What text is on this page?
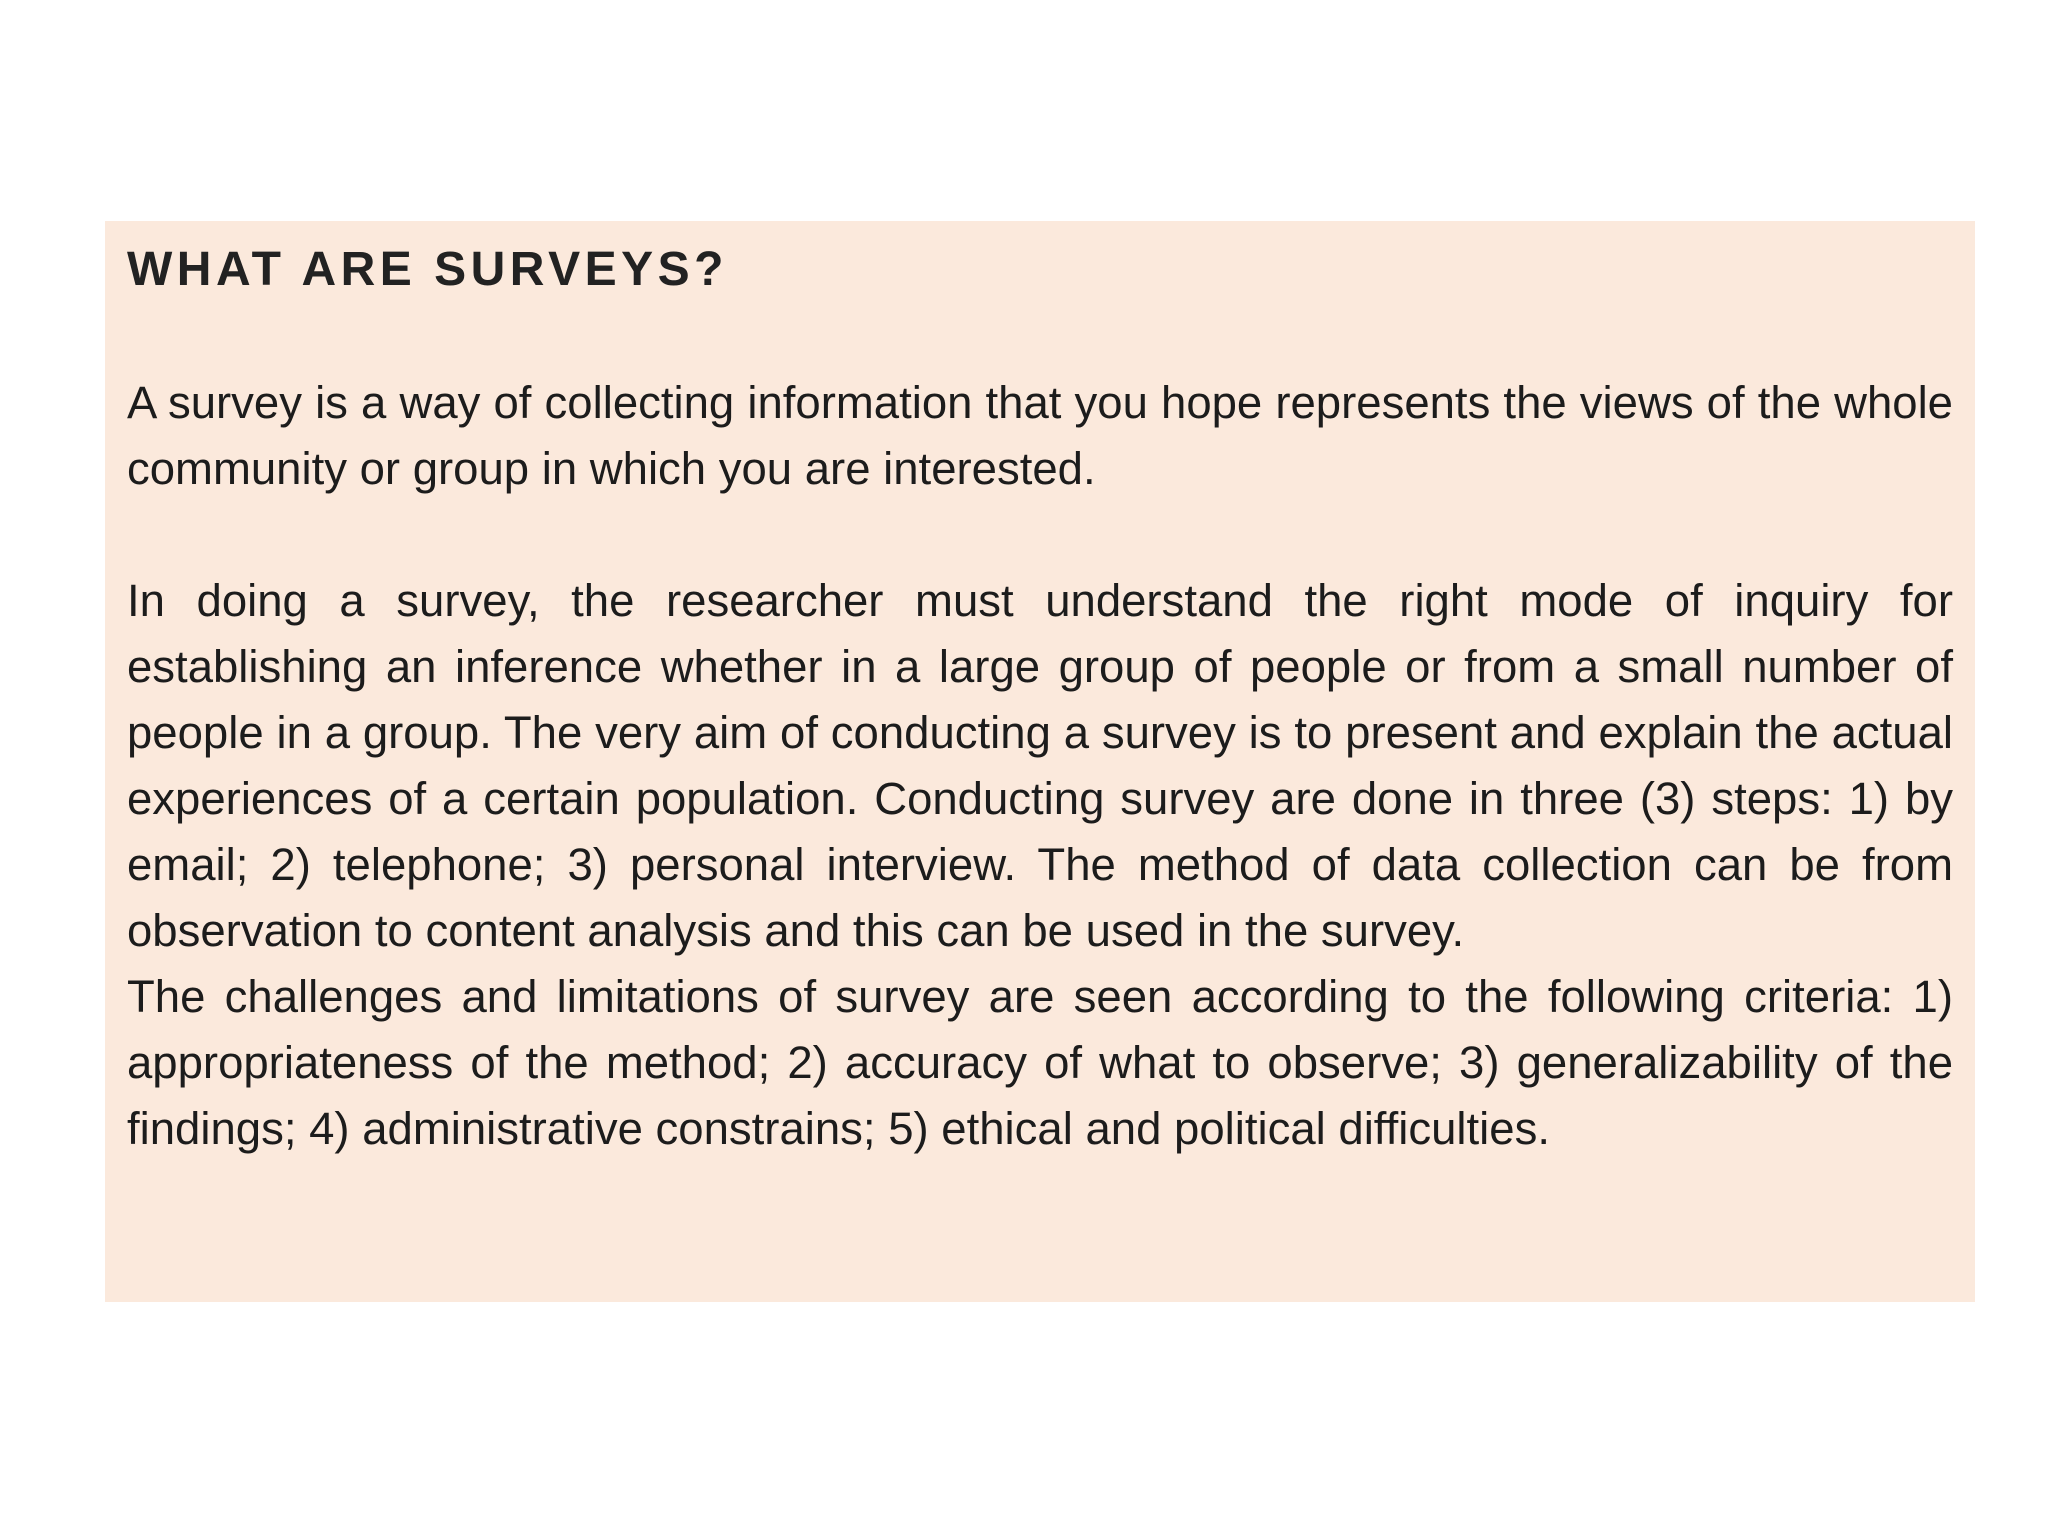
WHAT ARE SURVEYS?

A survey is a way of collecting information that you hope represents the views of the whole community or group in which you are interested.

In doing a survey, the researcher must understand the right mode of inquiry for establishing an inference whether in a large group of people or from a small number of people in a group. The very aim of conducting a survey is to present and explain the actual experiences of a certain population. Conducting survey are done in three (3) steps: 1) by email; 2) telephone; 3) personal interview. The method of data collection can be from observation to content analysis and this can be used in the survey.

The challenges and limitations of survey are seen according to the following criteria: 1) appropriateness of the method; 2) accuracy of what to observe; 3) generalizability of the findings; 4) administrative constrains; 5) ethical and political difficulties.
